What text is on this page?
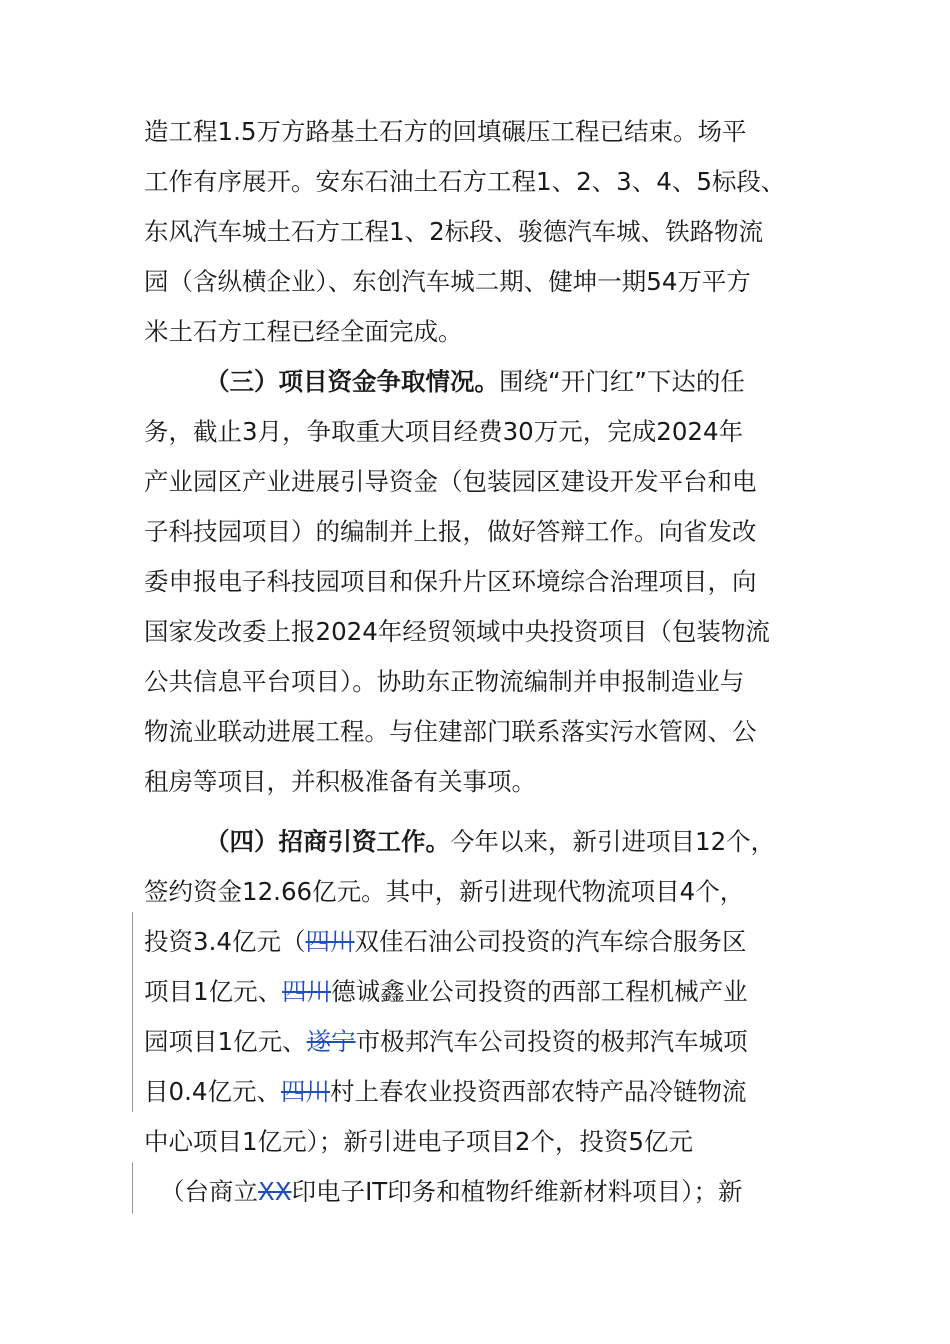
造工程1.5万方路基土石方的回填碾压工程已结束。场平
工作有序展开。安东石油土石方工程1、2、3、4、5标段、
东风汽车城土石方工程1、2标段、骏德汽车城、铁路物流
园（含纵横企业）、东创汽车城二期、健坤一期54万平方
米土石方工程已经全面完成。
（三）项目资金争取情况。围绕“开门红”下达的任
务，截止3月，争取重大项目经费30万元，完成2024年
产业园区产业进展引导资金（包装园区建设开发平台和电
子科技园项目）的编制并上报，做好答辩工作。向省发改
委申报电子科技园项目和保升片区环境综合治理项目，向
国家发改委上报2024年经贸领域中央投资项目（包装物流
公共信息平台项目）。协助东正物流编制并申报制造业与
物流业联动进展工程。与住建部门联系落实污水管网、公
租房等项目，并积极准备有关事项。
（四）招商引资工作。今年以来，新引进项目12个，
签约资金12.66亿元。其中，新引进现代物流项目4个，
投资3.4亿元（四川双佳石油公司投资的汽车综合服务区
项目1亿元、四川德诚鑫业公司投资的西部工程机械产业
园项目1亿元、遂宁市极邦汽车公司投资的极邦汽车城项
目0.4亿元、四川村上春农业投资西部农特产品冷链物流
中心项目1亿元）；新引进电子项目2个，投资5亿元
（台商立XX印电子IT印务和植物纤维新材料项目）；新
